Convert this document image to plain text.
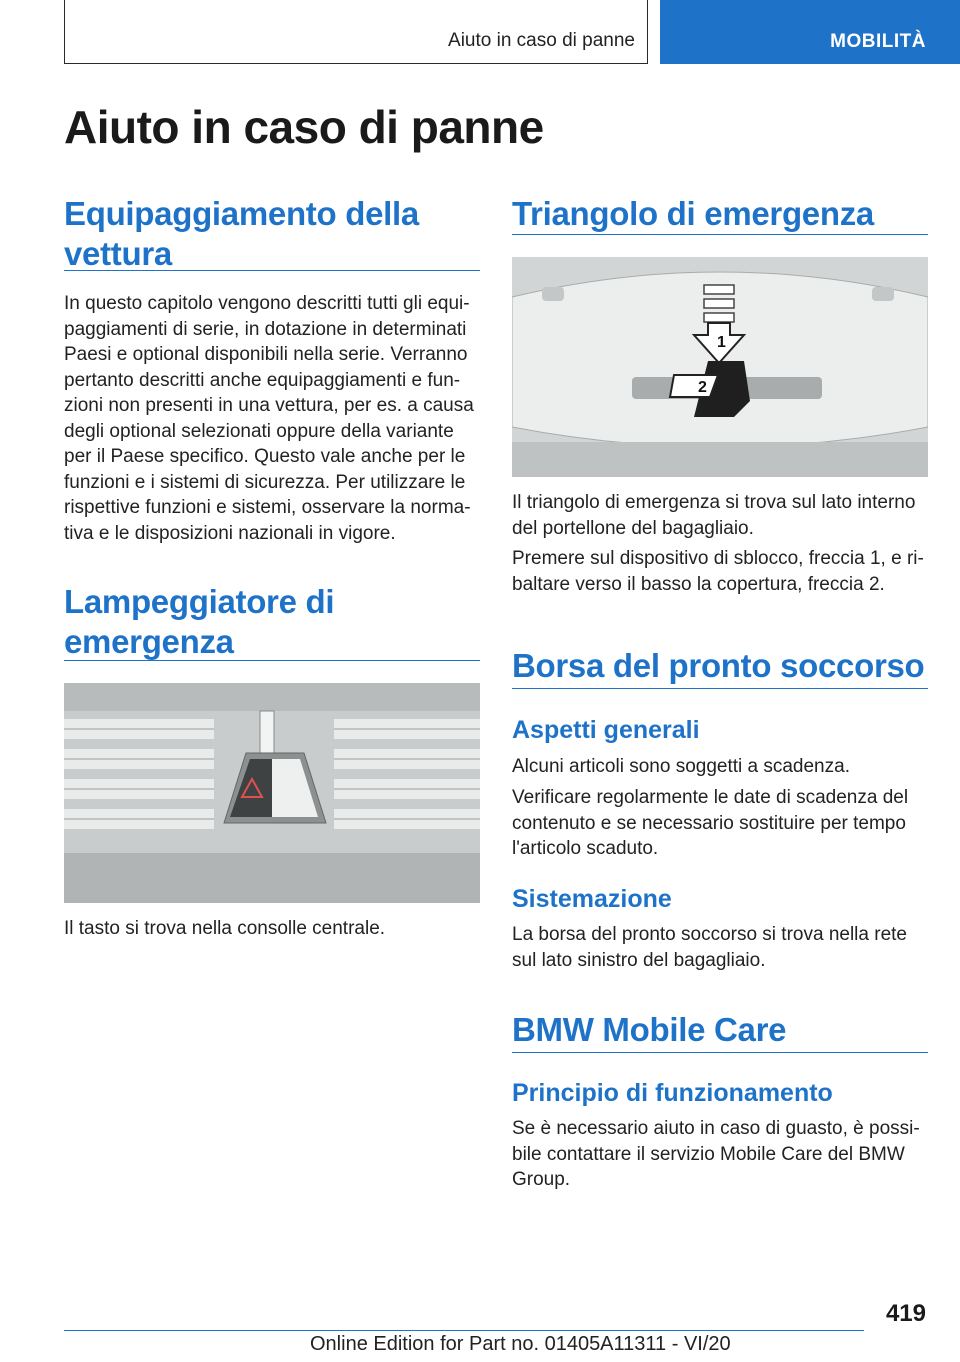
Aiuto in caso di panne	MOBILITÀ
Aiuto in caso di panne
Equipaggiamento della
vettura

In questo capitolo vengono descritti tutti gli equi-paggiamenti di serie, in dotazione in determinati Paesi e optional disponibili nella serie. Verranno pertanto descritti anche equipaggiamenti e fun-zioni non presenti in una vettura, per es. a causa degli optional selezionati oppure della variante per il Paese specifico. Questo vale anche per le funzioni e i sistemi di sicurezza. Per utilizzare le rispettive funzioni e sistemi, osservare la norma-tiva e le disposizioni nazionali in vigore.

Lampeggiatore di
emergenza

Il tasto si trova nella consolle centrale.

Triangolo di emergenza
1
2

Il triangolo di emergenza si trova sul lato interno del portellone del bagagliaio.

Premere sul dispositivo di sblocco, freccia 1, e ri-baltare verso il basso la copertura, freccia 2.

Borsa del pronto soccorso
Aspetti generali

Alcuni articoli sono soggetti a scadenza.

Verificare regolarmente le date di scadenza del contenuto e se necessario sostituire per tempo l'articolo scaduto.

Sistemazione

La borsa del pronto soccorso si trova nella rete sul lato sinistro del bagagliaio.

BMW Mobile Care
Principio di funzionamento

Se è necessario aiuto in caso di guasto, è possi-bile contattare il servizio Mobile Care del BMW Group.

419
Online Edition for Part no. 01405A11311 - VI/20
